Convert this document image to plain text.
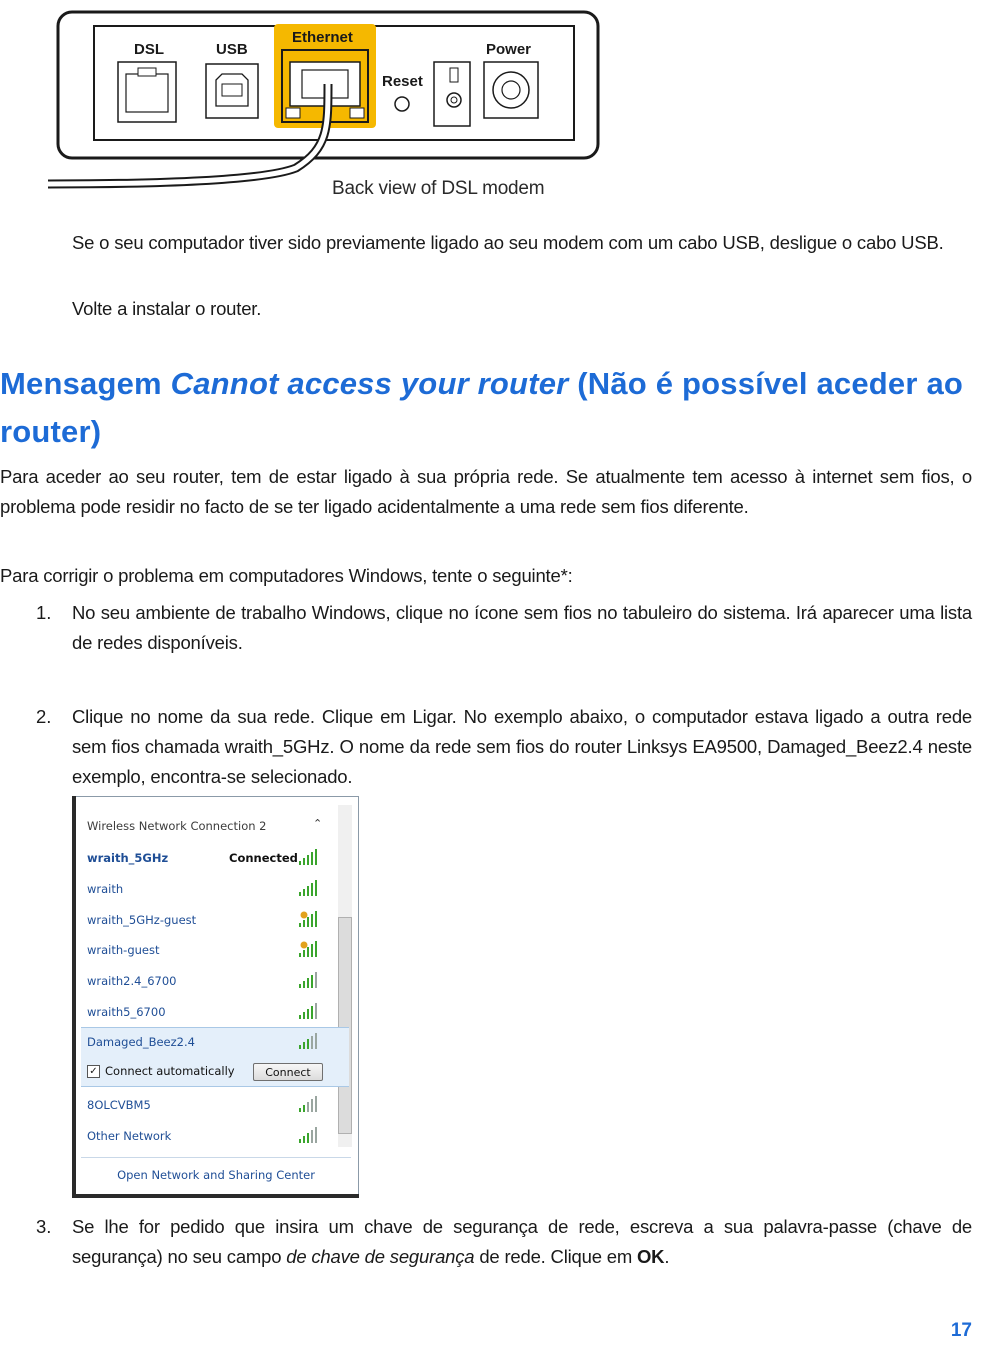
DSL	USB
Ethernet
Reset
Power
Back view of DSL modem
Se o seu computador tiver sido previamente ligado ao seu modem com um cabo USB, desligue o cabo USB.
Volte a instalar o router.
Mensagem Cannot access your router (Não é possível aceder ao router)
Para aceder ao seu router, tem de estar ligado à sua própria rede. Se atualmente tem acesso à internet sem fios, o problema pode residir no facto de se ter ligado acidentalmente a uma rede sem fios diferente.
Para corrigir o problema em computadores Windows, tente o seguinte*:
1. No seu ambiente de trabalho Windows, clique no ícone sem fios no tabuleiro do sistema. Irá aparecer uma lista de redes disponíveis.
2. Clique no nome da sua rede. Clique em Ligar. No exemplo abaixo, o computador estava ligado a outra rede sem fios chamada wraith_5GHz. O nome da rede sem fios do router Linksys EA9500, Damaged_Beez2.4 neste exemplo, encontra-se selecionado.
Wireless Network Connection 2	⌃
wraith_5GHz	Connected
wraith
wraith_5GHz-guest
wraith-guest
wraith2.4_6700
wraith5_6700
Damaged_Beez2.4
✓ Connect automatically	Connect
8OLCVBM5
Other Network
Open Network and Sharing Center
3. Se lhe for pedido que insira um chave de segurança de rede, escreva a sua palavra-passe (chave de segurança) no seu campo de chave de segurança de rede. Clique em OK.
17
